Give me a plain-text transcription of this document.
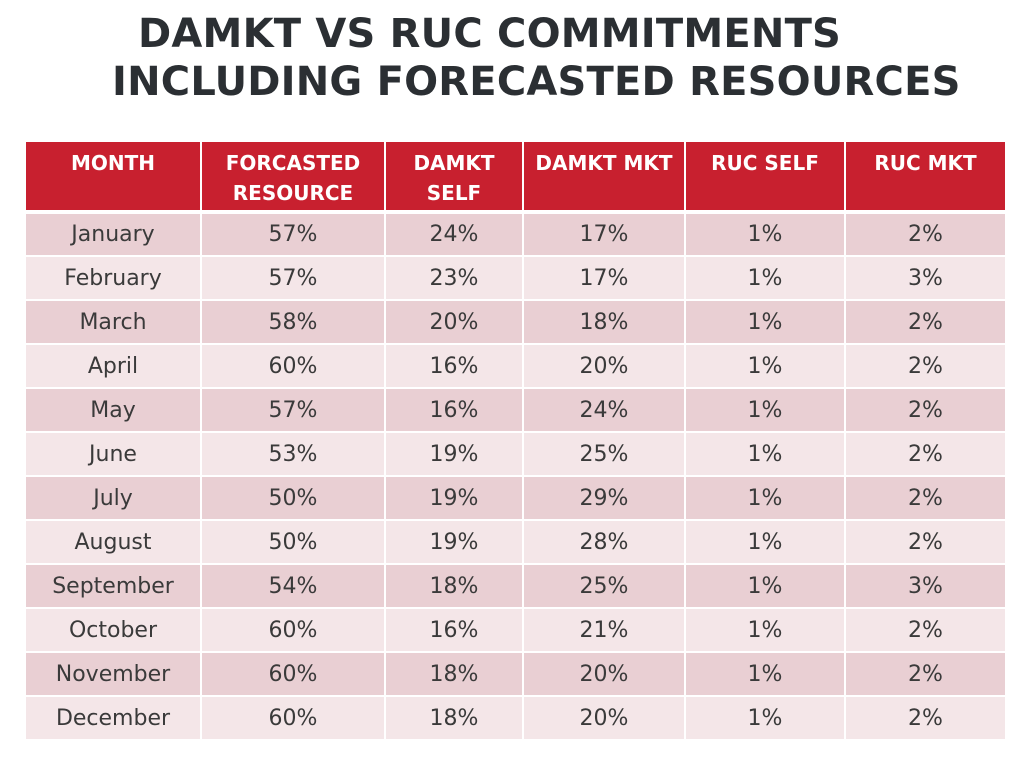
DAMKT VS RUC COMMITMENTS
INCLUDING FORECASTED RESOURCES
MONTH	FORCASTED RESOURCE	DAMKT SELF	DAMKT MKT	RUC SELF	RUC MKT
January	57%	24%	17%	1%	2%
February	57%	23%	17%	1%	3%
March	58%	20%	18%	1%	2%
April	60%	16%	20%	1%	2%
May	57%	16%	24%	1%	2%
June	53%	19%	25%	1%	2%
July	50%	19%	29%	1%	2%
August	50%	19%	28%	1%	2%
September	54%	18%	25%	1%	3%
October	60%	16%	21%	1%	2%
November	60%	18%	20%	1%	2%
December	60%	18%	20%	1%	2%
